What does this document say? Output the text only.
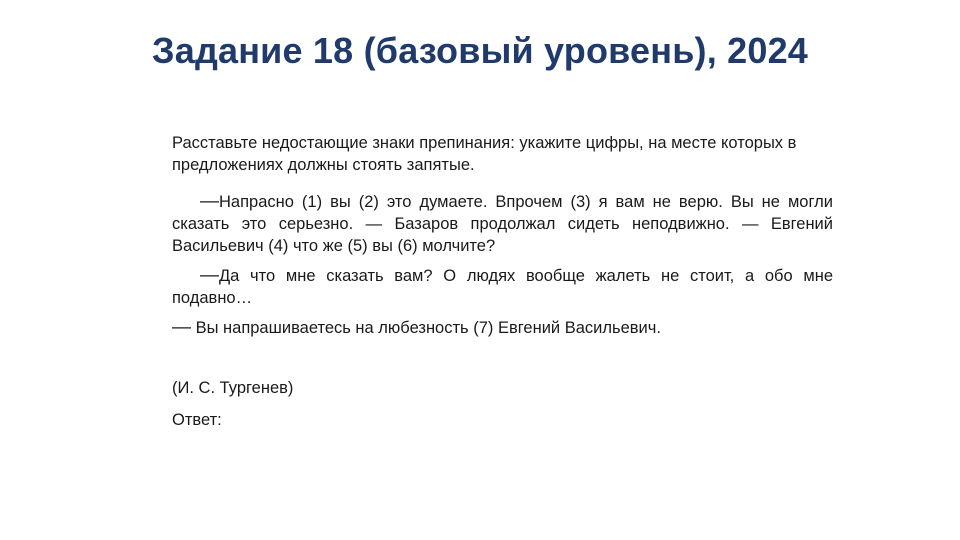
Задание 18 (базовый уровень), 2024

Расставьте недостающие знаки препинания: укажите цифры, на месте которых в предложениях должны стоять запятые.

—Напрасно (1) вы (2) это думаете. Впрочем (3) я вам не верю. Вы не могли сказать это серьезно. — Базаров продолжал сидеть неподвижно. — Евгений Васильевич (4) что же (5) вы (6) молчите?

—Да что мне сказать вам? О людях вообще жалеть не стоит, а обо мне подавно…

— Вы напрашиваетесь на любезность (7) Евгений Васильевич.

(И. С. Тургенев)

Ответ:
